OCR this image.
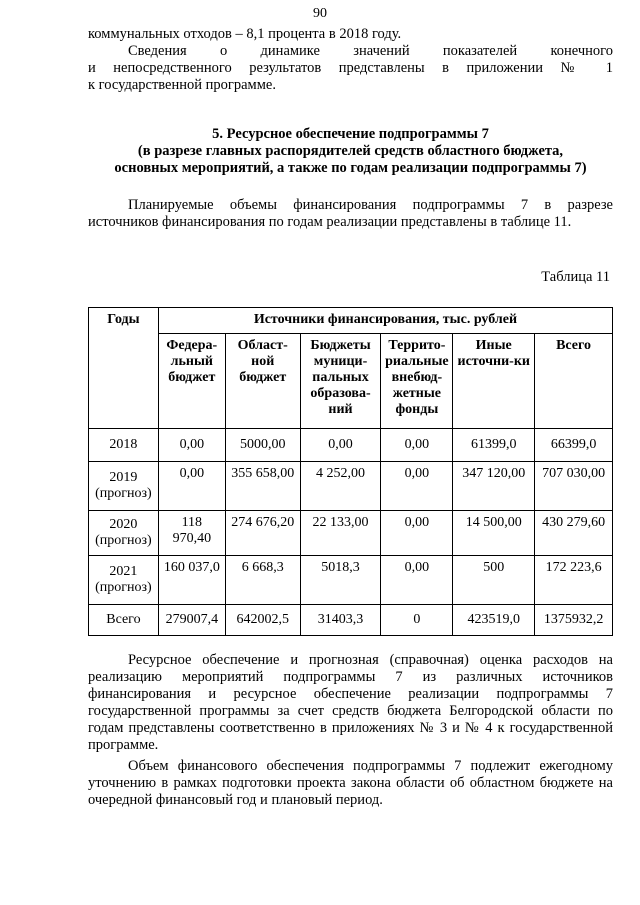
90
коммунальных отходов – 8,1 процента в 2018 году.
Сведения о динамике значений показателей конечного
и непосредственного результатов представлены в приложении № 1
к государственной программе.
5. Ресурсное обеспечение подпрограммы 7
(в разрезе главных распорядителей средств областного бюджета,
основных мероприятий, а также по годам реализации подпрограммы 7)
Планируемые объемы финансирования подпрограммы 7 в разрезе
источников финансирования по годам реализации представлены в таблице 11.
Таблица 11
Годы	Источники финансирования, тыс. рублей					
	Федера-льный бюджет	Област-ной бюджет	Бюджеты муници-пальных образова-ний	Террито-риальные внебюд-жетные фонды	Иные источни-ки	Всего
2018	0,00	5000,00	0,00	0,00	61399,0	66399,0

2019
(прогноз)	0,00	355 658,00	4 252,00	0,00	347 120,00	707 030,00

2020
(прогноз)	118 970,40	274 676,20	22 133,00	0,00	14 500,00	430 279,60

2021
(прогноз)	160 037,0	6 668,3	5018,3	0,00	500	172 223,6
Всего	279007,4	642002,5	31403,3	0	423519,0	1375932,2
Ресурсное обеспечение и прогнозная (справочная) оценка расходов на реализацию мероприятий подпрограммы 7 из различных источников финансирования и ресурсное обеспечение реализации подпрограммы 7 государственной программы за счет средств бюджета Белгородской области по годам представлены соответственно в приложениях № 3 и № 4 к государственной программе.
Объем финансового обеспечения подпрограммы 7 подлежит ежегодному уточнению в рамках подготовки проекта закона области об областном бюджете на очередной финансовый год и плановый период.
